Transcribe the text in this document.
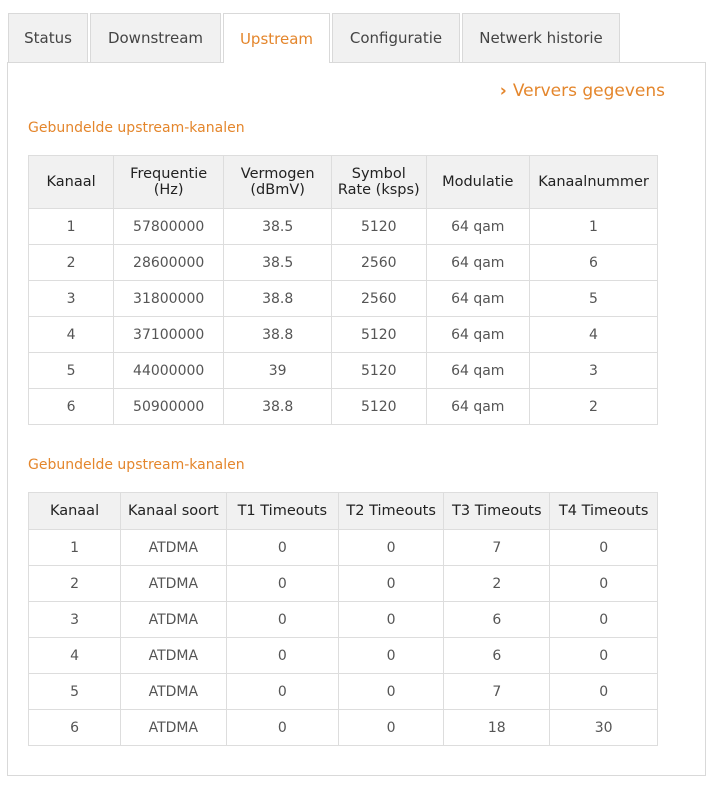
Status	Downstream	Upstream	Configuratie	Netwerk historie
› Ververs gegevens
Gebundelde upstream-kanalen
Kanaal	Frequentie (Hz)	Vermogen (dBmV)	Symbol Rate (ksps)	Modulatie	Kanaalnummer
1	57800000	38.5	5120	64 qam	1
2	28600000	38.5	2560	64 qam	6
3	31800000	38.8	2560	64 qam	5
4	37100000	38.8	5120	64 qam	4
5	44000000	39	5120	64 qam	3
6	50900000	38.8	5120	64 qam	2
Gebundelde upstream-kanalen
Kanaal	Kanaal soort	T1 Timeouts	T2 Timeouts	T3 Timeouts	T4 Timeouts
1	ATDMA	0	0	7	0
2	ATDMA	0	0	2	0
3	ATDMA	0	0	6	0
4	ATDMA	0	0	6	0
5	ATDMA	0	0	7	0
6	ATDMA	0	0	18	30
